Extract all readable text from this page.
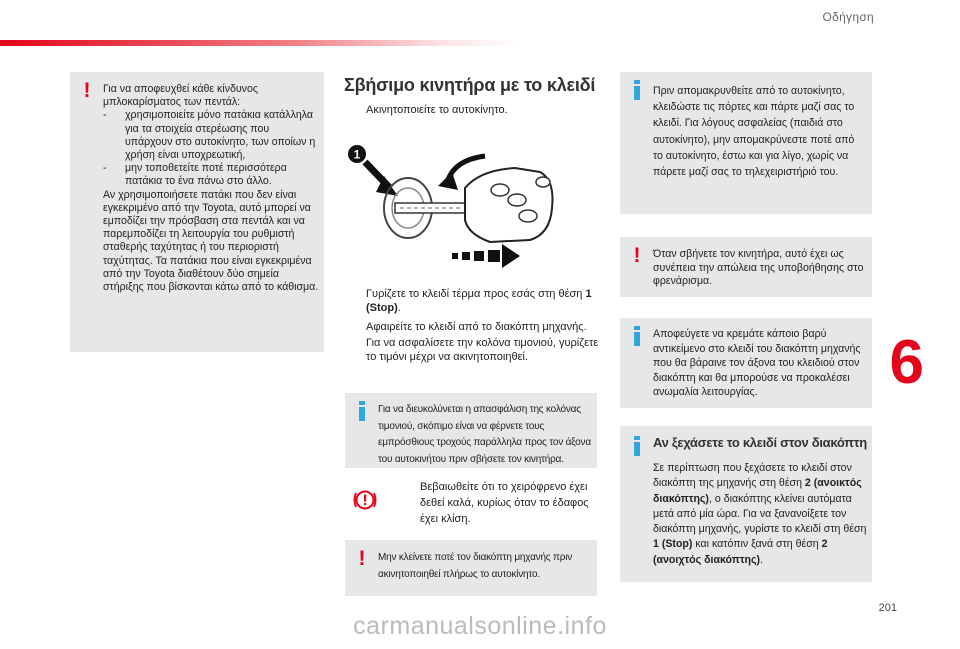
Οδήγηση
! Για να αποφευχθεί κάθε κίνδυνος μπλοκαρίσματος των πεντάλ:
- χρησιμοποιείτε μόνο πατάκια κατάλληλα για τα στοιχεία στερέωσης που υπάρχουν στο αυτοκίνητο, των οποίων η χρήση είναι υποχρεωτική,
- μην τοποθετείτε ποτέ περισσότερα πατάκια το ένα πάνω στο άλλο.
Αν χρησιμοποιήσετε πατάκι που δεν είναι εγκεκριμένο από την Toyota, αυτό μπορεί να εμποδίζει την πρόσβαση στα πεντάλ και να παρεμποδίζει τη λειτουργία του ρυθμιστή σταθερής ταχύτητας ή του περιοριστή ταχύτητας. Τα πατάκια που είναι εγκεκριμένα από την Toyota διαθέτουν δύο σημεία στήριξης που βίσκονται κάτω από το κάθισμα.
Σβήσιμο κινητήρα με το κλειδί
Ακινητοποιείτε το αυτοκίνητο.
1
Γυρίζετε το κλειδί τέρμα προς εσάς στη θέση 1 (Stop).
Αφαιρείτε το κλειδί από το διακόπτη μηχανής.
Για να ασφαλίσετε την κολόνα τιμονιού, γυρίζετε το τιμόνι μέχρι να ακινητοποιηθεί.
Για να διευκολύνεται η απασφάλιση της κολόνας τιμονιού, σκόπιμο είναι να φέρνετε τους εμπρόσθιους τροχούς παράλληλα προς τον άξονα του αυτοκινήτου πριν σβήσετε τον κινητήρα.
Βεβαιωθείτε ότι το χειρόφρενο έχει δεθεί καλά, κυρίως όταν το έδαφος έχει κλίση.
! Μην κλείνετε ποτέ τον διακόπτη μηχανής πριν ακινητοποιηθεί πλήρως το αυτοκίνητο.
Πριν απομακρυνθείτε από το αυτοκίνητο, κλειδώστε τις πόρτες και πάρτε μαζί σας το κλειδί. Για λόγους ασφαλείας (παιδιά στο αυτοκίνητο), μην απομακρύνεστε ποτέ από το αυτοκίνητο, έστω και για λίγο, χωρίς να πάρετε μαζί σας το τηλεχειριστήριό του.
! Όταν σβήνετε τον κινητήρα, αυτό έχει ως συνέπεια την απώλεια της υποβοήθησης στο φρενάρισμα.
Αποφεύγετε να κρεμάτε κάποιο βαρύ αντικείμενο στο κλειδί του διακόπτη μηχανής που θα βάραινε τον άξονα του κλειδιού στον διακόπτη και θα μπορούσε να προκαλέσει ανωμαλία λειτουργίας.
Αν ξεχάσετε το κλειδί στον διακόπτη
Σε περίπτωση που ξεχάσετε το κλειδί στον διακόπτη της μηχανής στη θέση 2 (ανοικτός διακόπτης), ο διακόπτης κλείνει αυτόματα μετά από μία ώρα. Για να ξανανοίξετε τον διακόπτη μηχανής, γυρίστε το κλειδί στη θέση 1 (Stop) και κατόπιν ξανά στη θέση 2 (ανοιχτός διακόπτης).
6
201
carmanualsonline.info
